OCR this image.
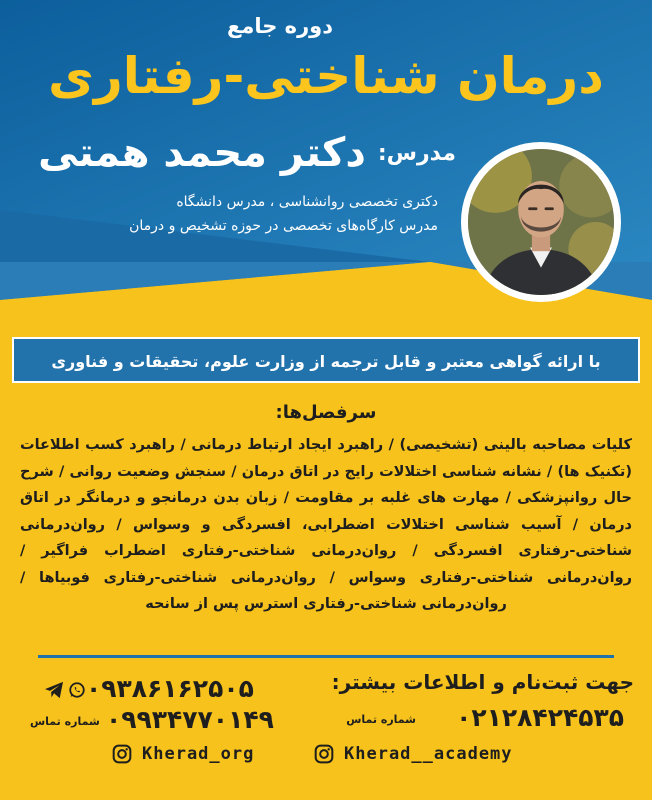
دوره جامع
درمان شناختی-رفتاری
مدرس:دکتر محمد همتی
دکتری تخصصی روانشناسی ، مدرس دانشگاه
مدرس کارگاه‌های تخصصی در حوزه تشخیص و درمان
با ارائه گواهی معتبر و قابل ترجمه از وزارت علوم، تحقیقات و فناوری
سرفصل‌ها:
کلیات مصاحبه بالینی (تشخیصی) / راهبرد ایجاد ارتباط درمانی / راهبرد کسب اطلاعات (تکنیک ها) / نشانه شناسی اختلالات رایج در اتاق درمان / سنجش وضعیت روانی / شرح حال روانپزشکی / مهارت های غلبه بر مقاومت / زبان بدن درمانجو و درمانگر در اتاق درمان / آسیب شناسی اختلالات اضطرابی، افسردگی و وسواس / روان‌درمانی شناختی-رفتاری افسردگی / روان‌درمانی شناختی-رفتاری اضطراب فراگیر / روان‌درمانی شناختی-رفتاری وسواس / روان‌درمانی شناختی-رفتاری فوبیاها / روان‌درمانی شناختی-رفتاری استرس پس از سانحه
جهت ثبت‌نام و اطلاعات بیشتر:
۰۹۳۸۶۱۶۲۵۰۵
۰۲۱۲۸۴۲۴۵۳۵
شماره تماس
۰۹۹۳۴۷۷۰۱۴۹
شماره تماس
Kherad_org	Kherad__academy
